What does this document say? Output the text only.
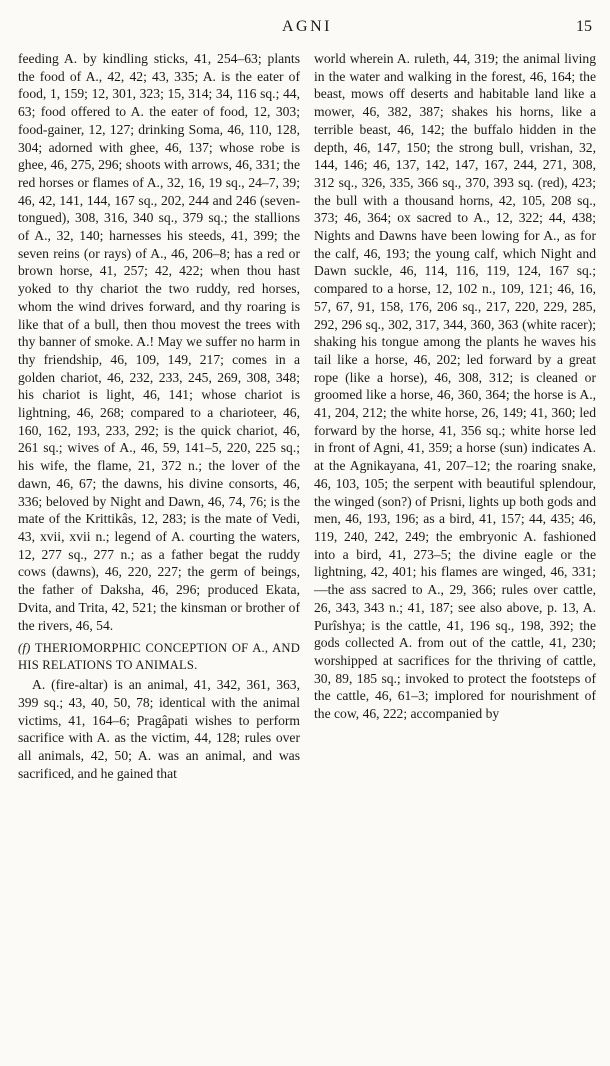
AGNI	15

feeding A. by kindling sticks, 41, 254–63; plants the food of A., 42, 42; 43, 335; A. is the eater of food, 1, 159; 12, 301, 323; 15, 314; 34, 116 sq.; 44, 63; food offered to A. the eater of food, 12, 303; food-gainer, 12, 127; drinking Soma, 46, 110, 128, 304; adorned with ghee, 46, 137; whose robe is ghee, 46, 275, 296; shoots with arrows, 46, 331; the red horses or flames of A., 32, 16, 19 sq., 24–7, 39; 46, 42, 141, 144, 167 sq., 202, 244 and 246 (seven-tongued), 308, 316, 340 sq., 379 sq.; the stallions of A., 32, 140; harnesses his steeds, 41, 399; the seven reins (or rays) of A., 46, 206–8; has a red or brown horse, 41, 257; 42, 422; when thou hast yoked to thy chariot the two ruddy, red horses, whom the wind drives forward, and thy roaring is like that of a bull, then thou movest the trees with thy banner of smoke. A.! May we suffer no harm in thy friendship, 46, 109, 149, 217; comes in a golden chariot, 46, 232, 233, 245, 269, 308, 348; his chariot is light, 46, 141; whose chariot is lightning, 46, 268; compared to a charioteer, 46, 160, 162, 193, 233, 292; is the quick chariot, 46, 261 sq.; wives of A., 46, 59, 141–5, 220, 225 sq.; his wife, the flame, 21, 372 n.; the lover of the dawn, 46, 67; the dawns, his divine consorts, 46, 336; beloved by Night and Dawn, 46, 74, 76; is the mate of the Krittikâs, 12, 283; is the mate of Vedi, 43, xvii, xvii n.; legend of A. courting the waters, 12, 277 sq., 277 n.; as a father begat the ruddy cows (dawns), 46, 220, 227; the germ of beings, the father of Daksha, 46, 296; produced Ekata, Dvita, and Trita, 42, 521; the kinsman or brother of the rivers, 46, 54.

(f) THERIOMORPHIC CONCEPTION OF A., AND HIS RELATIONS TO ANIMALS.

A. (fire-altar) is an animal, 41, 342, 361, 363, 399 sq.; 43, 40, 50, 78; identical with the animal victims, 41, 164–6; Pragâpati wishes to perform sacrifice with A. as the victim, 44, 128; rules over all animals, 42, 50; A. was an animal, and was sacrificed, and he gained that

world wherein A. ruleth, 44, 319; the animal living in the water and walking in the forest, 46, 164; the beast, mows off deserts and habitable land like a mower, 46, 382, 387; shakes his horns, like a terrible beast, 46, 142; the buffalo hidden in the depth, 46, 147, 150; the strong bull, vrishan, 32, 144, 146; 46, 137, 142, 147, 167, 244, 271, 308, 312 sq., 326, 335, 366 sq., 370, 393 sq. (red), 423; the bull with a thousand horns, 42, 105, 208 sq., 373; 46, 364; ox sacred to A., 12, 322; 44, 438; Nights and Dawns have been lowing for A., as for the calf, 46, 193; the young calf, which Night and Dawn suckle, 46, 114, 116, 119, 124, 167 sq.; compared to a horse, 12, 102 n., 109, 121; 46, 16, 57, 67, 91, 158, 176, 206 sq., 217, 220, 229, 285, 292, 296 sq., 302, 317, 344, 360, 363 (white racer); shaking his tongue among the plants he waves his tail like a horse, 46, 202; led forward by a great rope (like a horse), 46, 308, 312; is cleaned or groomed like a horse, 46, 360, 364; the horse is A., 41, 204, 212; the white horse, 26, 149; 41, 360; led forward by the horse, 41, 356 sq.; white horse led in front of Agni, 41, 359; a horse (sun) indicates A. at the Agnikayana, 41, 207–12; the roaring snake, 46, 103, 105; the serpent with beautiful splendour, the winged (son?) of Prisni, lights up both gods and men, 46, 193, 196; as a bird, 41, 157; 44, 435; 46, 119, 240, 242, 249; the embryonic A. fashioned into a bird, 41, 273–5; the divine eagle or the lightning, 42, 401; his flames are winged, 46, 331;—the ass sacred to A., 29, 366; rules over cattle, 26, 343, 343 n.; 41, 187; see also above, p. 13, A. Purîshya; is the cattle, 41, 196 sq., 198, 392; the gods collected A. from out of the cattle, 41, 230; worshipped at sacrifices for the thriving of cattle, 30, 89, 185 sq.; invoked to protect the footsteps of the cattle, 46, 61–3; implored for nourishment of the cow, 46, 222; accompanied by
